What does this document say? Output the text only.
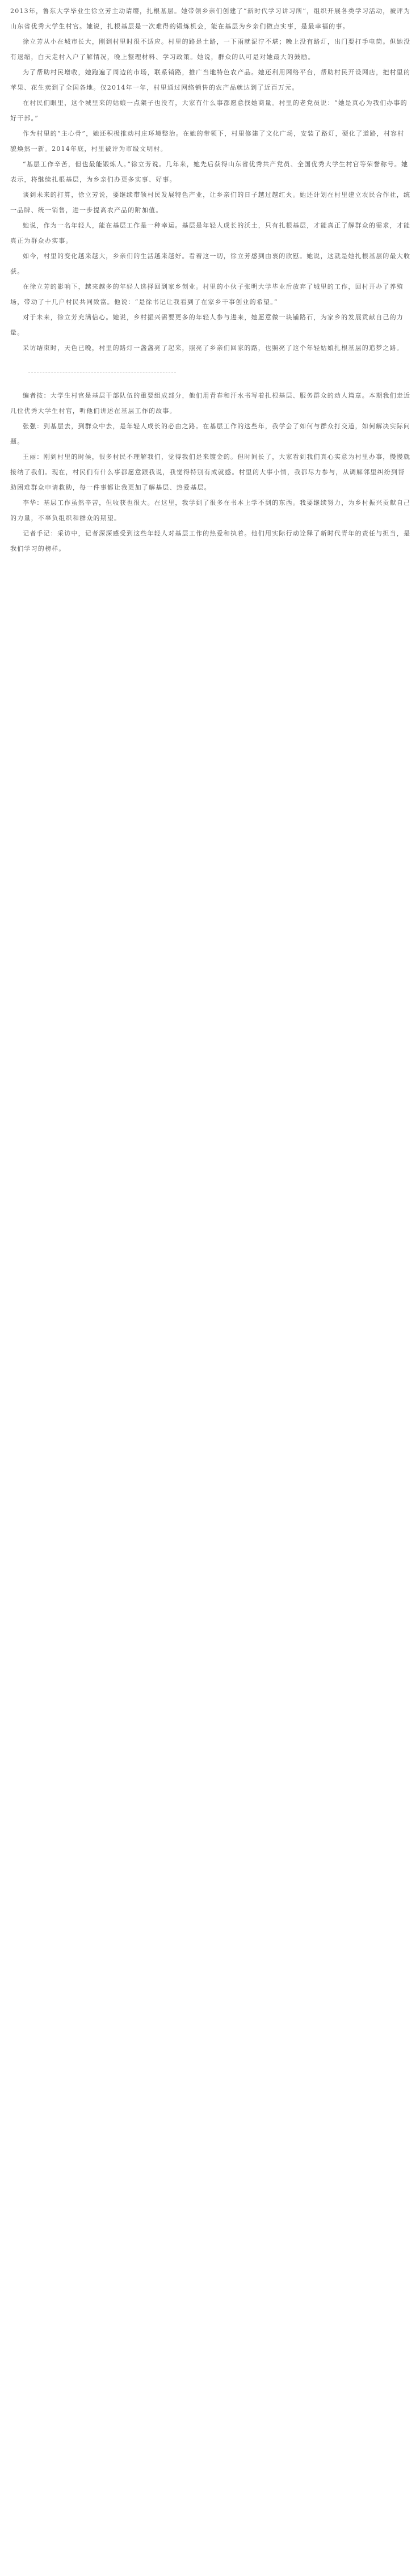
2013年，鲁东大学毕业生徐立芳主动请缨，扎根基层。她带领乡亲们创建了“新时代学习讲习所”，组织开展各类学习活动，被评为山东省优秀大学生村官。她说，扎根基层是一次难得的锻炼机会，能在基层为乡亲们做点实事，是最幸福的事。

徐立芳从小在城市长大，刚到村里时很不适应。村里的路是土路，一下雨就泥泞不堪；晚上没有路灯，出门要打手电筒。但她没有退缩，白天走村入户了解情况，晚上整理材料、学习政策。她说，群众的认可是对她最大的鼓励。

为了帮助村民增收，她跑遍了周边的市场，联系销路，推广当地特色农产品。她还利用网络平台，帮助村民开设网店，把村里的苹果、花生卖到了全国各地。仅2014年一年，村里通过网络销售的农产品就达到了近百万元。

在村民们眼里，这个城里来的姑娘一点架子也没有，大家有什么事都愿意找她商量。村里的老党员说：“她是真心为我们办事的好干部。”

作为村里的“主心骨”，她还积极推动村庄环境整治。在她的带领下，村里修建了文化广场，安装了路灯，硬化了道路，村容村貌焕然一新。2014年底，村里被评为市级文明村。

“基层工作辛苦，但也最能锻炼人。”徐立芳说。几年来，她先后获得山东省优秀共产党员、全国优秀大学生村官等荣誉称号。她表示，将继续扎根基层，为乡亲们办更多实事、好事。

谈到未来的打算，徐立芳说，要继续带领村民发展特色产业，让乡亲们的日子越过越红火。她还计划在村里建立农民合作社，统一品牌、统一销售，进一步提高农产品的附加值。

她说，作为一名年轻人，能在基层工作是一种幸运。基层是年轻人成长的沃土，只有扎根基层，才能真正了解群众的需求，才能真正为群众办实事。

如今，村里的变化越来越大，乡亲们的生活越来越好。看着这一切，徐立芳感到由衷的欣慰。她说，这就是她扎根基层的最大收获。

在徐立芳的影响下，越来越多的年轻人选择回到家乡创业。村里的小伙子张明大学毕业后放弃了城里的工作，回村开办了养殖场，带动了十几户村民共同致富。他说：“是徐书记让我看到了在家乡干事创业的希望。”

对于未来，徐立芳充满信心。她说，乡村振兴需要更多的年轻人参与进来，她愿意做一块铺路石，为家乡的发展贡献自己的力量。

采访结束时，天色已晚，村里的路灯一盏盏亮了起来，照亮了乡亲们回家的路，也照亮了这个年轻姑娘扎根基层的追梦之路。

编者按：大学生村官是基层干部队伍的重要组成部分，他们用青春和汗水书写着扎根基层、服务群众的动人篇章。本期我们走近几位优秀大学生村官，听他们讲述在基层工作的故事。

张强：到基层去，到群众中去，是年轻人成长的必由之路。在基层工作的这些年，我学会了如何与群众打交道，如何解决实际问题。

王丽：刚到村里的时候，很多村民不理解我们，觉得我们是来镀金的。但时间长了，大家看到我们真心实意为村里办事，慢慢就接纳了我们。现在，村民们有什么事都愿意跟我说，我觉得特别有成就感。村里的大事小情，我都尽力参与，从调解邻里纠纷到帮助困难群众申请救助，每一件事都让我更加了解基层、热爱基层。

李华：基层工作虽然辛苦，但收获也很大。在这里，我学到了很多在书本上学不到的东西。我要继续努力，为乡村振兴贡献自己的力量，不辜负组织和群众的期望。

记者手记：采访中，记者深深感受到这些年轻人对基层工作的热爱和执着。他们用实际行动诠释了新时代青年的责任与担当，是我们学习的榜样。
